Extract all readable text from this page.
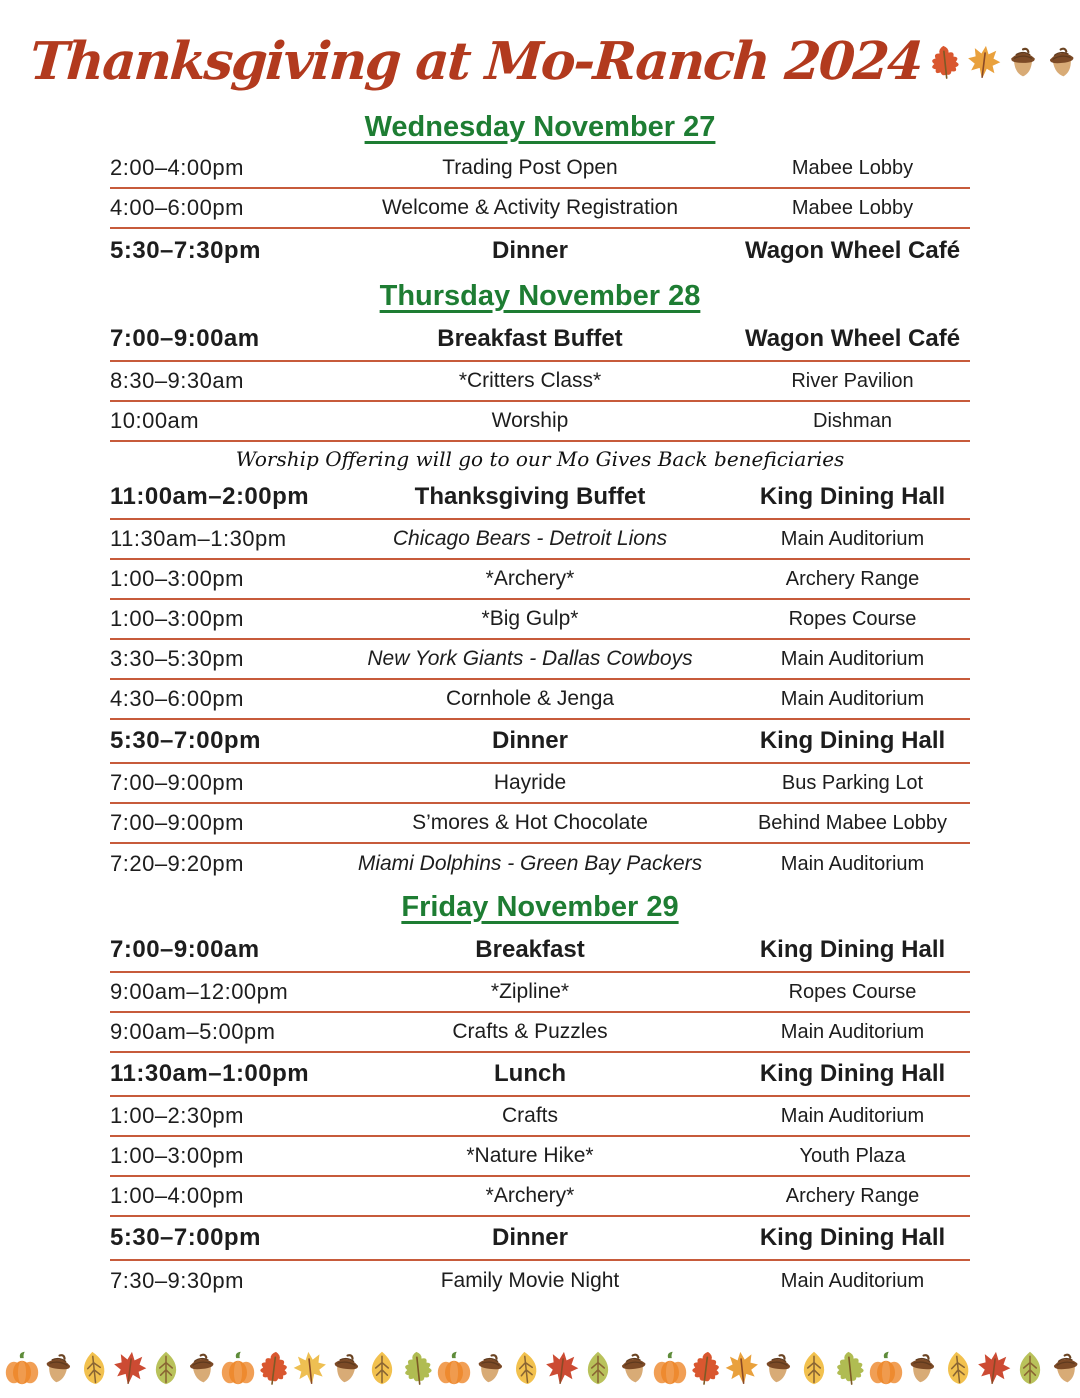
Thanksgiving at Mo-Ranch 2024
Wednesday November 27
2:00–4:00pm	Trading Post Open	Mabee Lobby
4:00–6:00pm	Welcome & Activity Registration	Mabee Lobby
5:30–7:30pm	Dinner	Wagon Wheel Café
Thursday November 28
7:00–9:00am	Breakfast Buffet	Wagon Wheel Café
8:30–9:30am	*Critters Class*	River Pavilion
10:00am	Worship	Dishman
Worship Offering will go to our Mo Gives Back beneficiaries
11:00am–2:00pm	Thanksgiving Buffet	King Dining Hall
11:30am–1:30pm	Chicago Bears - Detroit Lions	Main Auditorium
1:00–3:00pm	*Archery*	Archery Range
1:00–3:00pm	*Big Gulp*	Ropes Course
3:30–5:30pm	New York Giants - Dallas Cowboys	Main Auditorium
4:30–6:00pm	Cornhole & Jenga	Main Auditorium
5:30–7:00pm	Dinner	King Dining Hall
7:00–9:00pm	Hayride	Bus Parking Lot
7:00–9:00pm	S’mores & Hot Chocolate	Behind Mabee Lobby
7:20–9:20pm	Miami Dolphins - Green Bay Packers	Main Auditorium
Friday November 29
7:00–9:00am	Breakfast	King Dining Hall
9:00am–12:00pm	*Zipline*	Ropes Course
9:00am–5:00pm	Crafts & Puzzles	Main Auditorium
11:30am–1:00pm	Lunch	King Dining Hall
1:00–2:30pm	Crafts	Main Auditorium
1:00–3:00pm	*Nature Hike*	Youth Plaza
1:00–4:00pm	*Archery*	Archery Range
5:30–7:00pm	Dinner	King Dining Hall
7:30–9:30pm	Family Movie Night	Main Auditorium
